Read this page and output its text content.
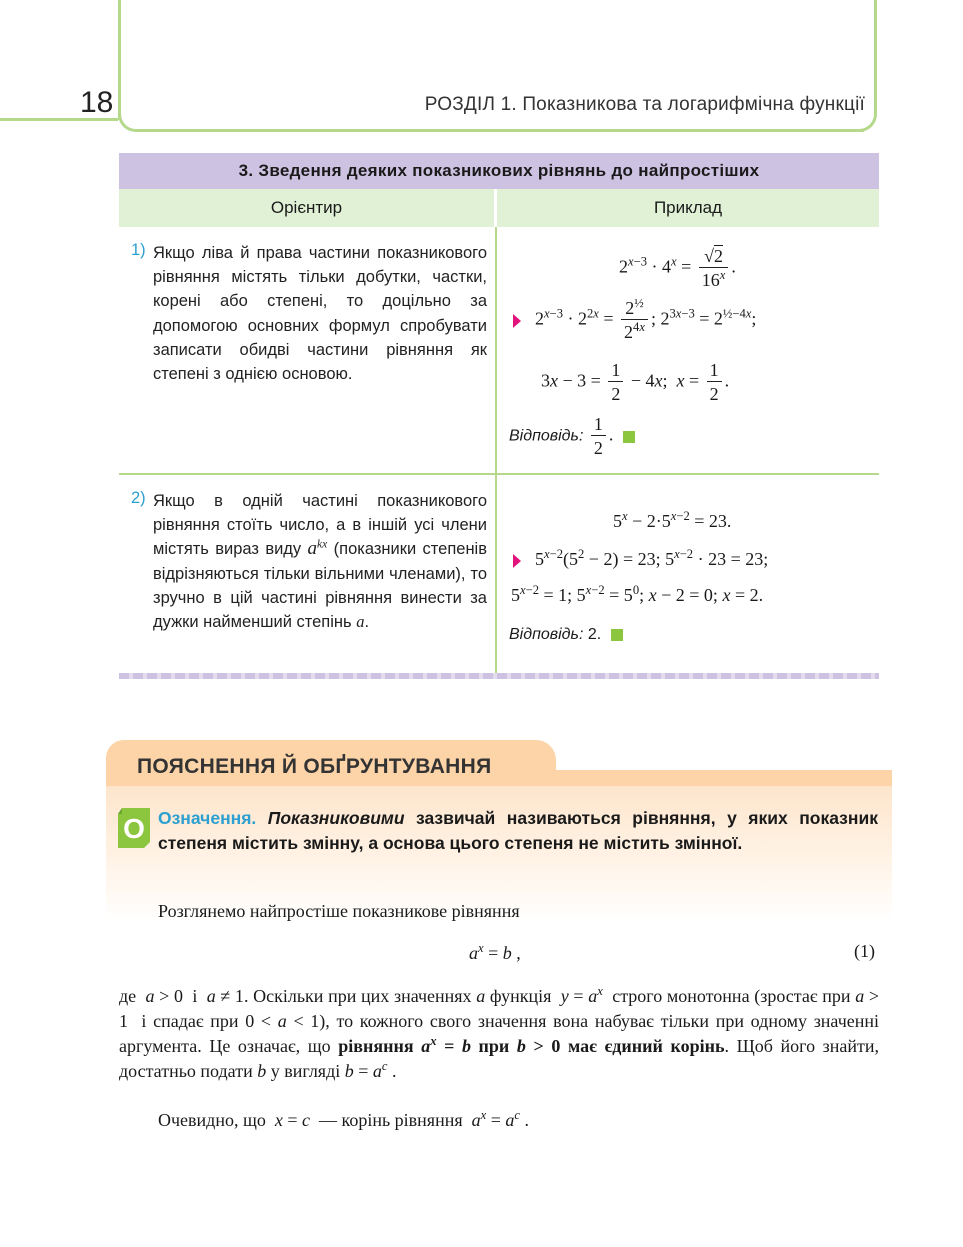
18	РОЗДІЛ 1. Показникова та логарифмічна функції
3. Зведення деяких показникових рівнянь до найпростіших
Орієнтир	Приклад
1) Якщо ліва й права частини показникового рівняння містять тільки добутки, частки, корені або степені, то доцільно за допомогою основних формул спробувати записати обидві частини рівняння як степені з однією основою.
$2^{x-3} \cdot 4^x = \frac{√2}{16^x}$ .
$2^{x-3} \cdot 2^{2x} = \frac{2^{\frac{1}{2}}}{2^{4x}}$ ; $2^{3x-3} = 2^{\frac{1}{2}-4x}$;
$3x - 3 = \frac{1}{2} - 4x$;  $x = \frac{1}{2}$ .
Відповідь: $\frac{1}{2}$ .
2) Якщо в одній частині показникового рівняння стоїть число, а в іншій усі члени містять вираз виду $a^{kx}$ (показники степенів відрізняються тільки вільними членами), то зручно в цій частині рівняння винести за дужки найменший степінь a.
$5^x - 2\cdot 5^{x-2} = 23$.
$5^{x-2}(5^2 - 2) = 23$; $5^{x-2} \cdot 23 = 23$;
$5^{x-2} = 1$; $5^{x-2} = 5^0$; x − 2 = 0; x = 2.
Відповідь: 2.
ПОЯСНЕННЯ Й ОБҐРУНТУВАННЯ
О Означення. Показниковими зазвичай називаються рівняння, у яких показник степеня містить змінну, а основа цього степеня не містить змінної.
Розглянемо найпростіше показникове рівняння
$a^x = b$ ,	(1)
де a > 0  і a ≠ 1. Оскільки при цих значеннях a функція $y = a^x$ строго монотонна (зростає при a > 1  і спадає при 0 < a < 1), то кожного свого значення вона набуває тільки при одному значенні аргумента. Це означає, що рівняння $a^x = b$ при b > 0 має єдиний корінь. Щоб його знайти, достатньо подати b у вигляді $b = a^c$ .
Очевидно, що x = c — корінь рівняння $a^x = a^c$ .
